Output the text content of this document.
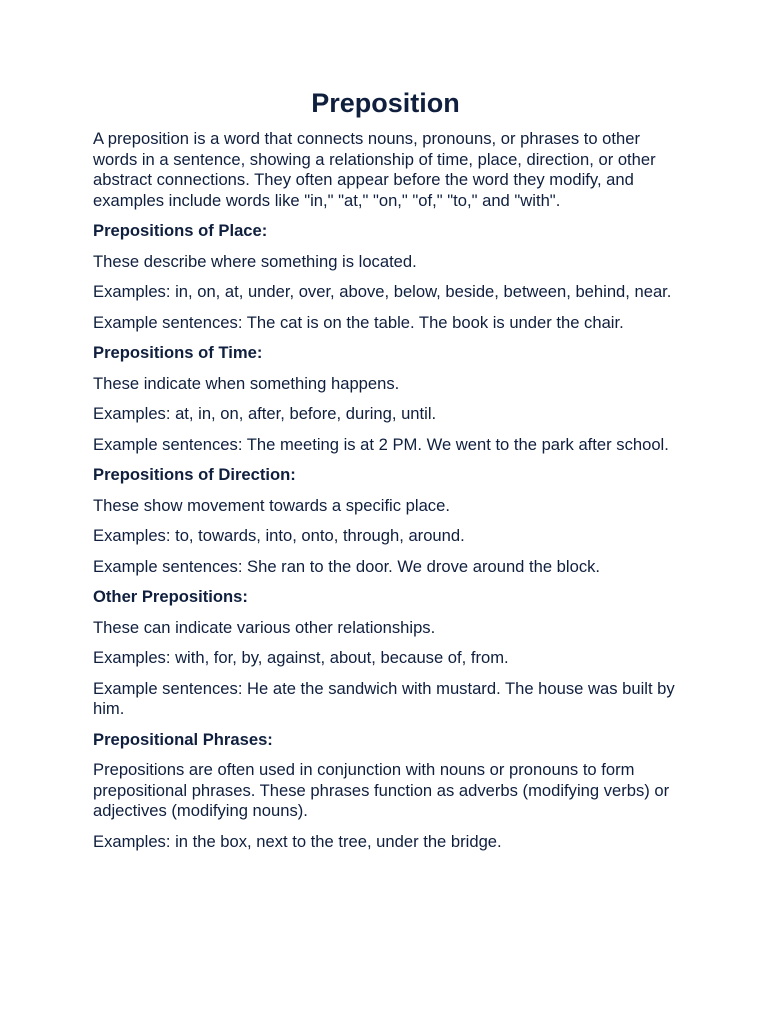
Preposition

A preposition is a word that connects nouns, pronouns, or phrases to other words in a sentence, showing a relationship of time, place, direction, or other abstract connections. They often appear before the word they modify, and examples include words like "in," "at," "on," "of," "to," and "with".

Prepositions of Place:

These describe where something is located.

Examples: in, on, at, under, over, above, below, beside, between, behind, near.

Example sentences: The cat is on the table. The book is under the chair.

Prepositions of Time:

These indicate when something happens.

Examples: at, in, on, after, before, during, until.

Example sentences: The meeting is at 2 PM. We went to the park after school.

Prepositions of Direction:

These show movement towards a specific place.

Examples: to, towards, into, onto, through, around.

Example sentences: She ran to the door. We drove around the block.

Other Prepositions:

These can indicate various other relationships.

Examples: with, for, by, against, about, because of, from.

Example sentences: He ate the sandwich with mustard. The house was built by him.

Prepositional Phrases:

Prepositions are often used in conjunction with nouns or pronouns to form prepositional phrases. These phrases function as adverbs (modifying verbs) or adjectives (modifying nouns).

Examples: in the box, next to the tree, under the bridge.
